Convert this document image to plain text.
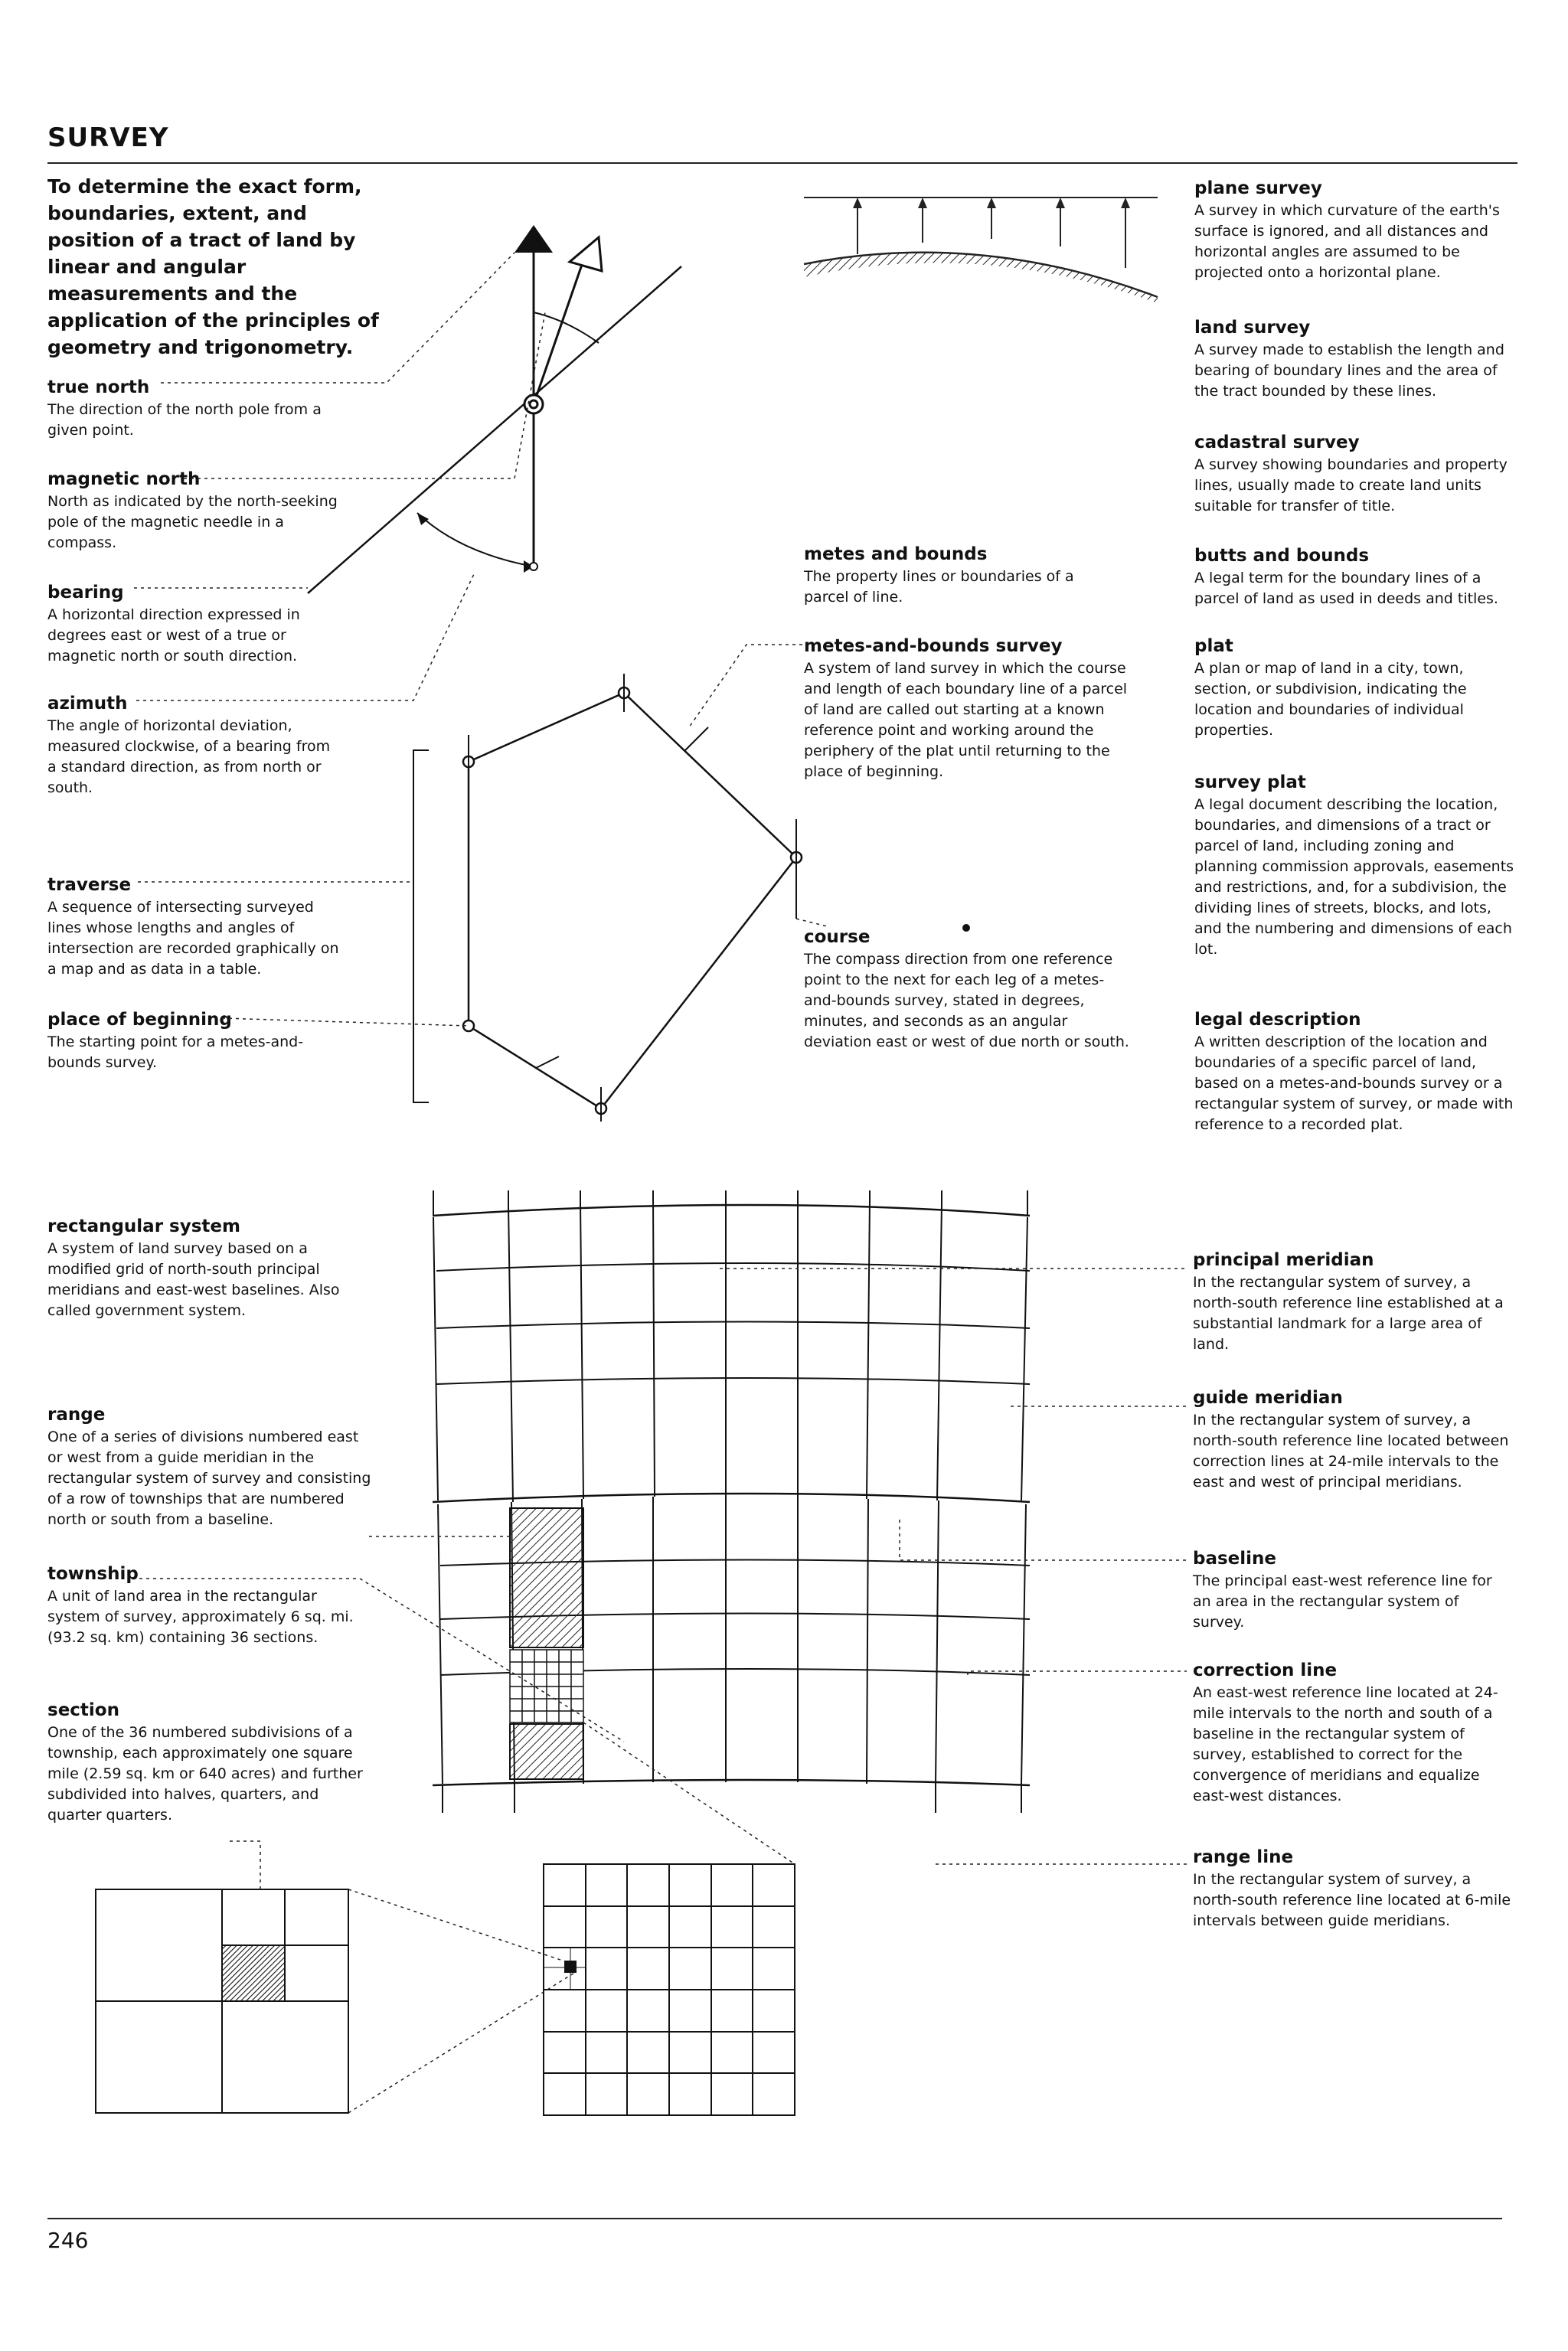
SURVEY
To determine the exact form, boundaries, extent, and position of a tract of land by linear and angular measurements and the application of the principles of geometry and trigonometry.
true north
The direction of the north pole from a given point.
magnetic north
North as indicated by the north-seeking pole of the magnetic needle in a compass.
bearing
A horizontal direction expressed in degrees east or west of a true or magnetic north or south direction.
azimuth
The angle of horizontal deviation, measured clockwise, of a bearing from a standard direction, as from north or south.
traverse
A sequence of intersecting surveyed lines whose lengths and angles of intersection are recorded graphically on a map and as data in a table.
place of beginning
The starting point for a metes-and-bounds survey.
metes and bounds
The property lines or boundaries of a parcel of line.
metes-and-bounds survey
A system of land survey in which the course and length of each boundary line of a parcel of land are called out starting at a known reference point and working around the periphery of the plat until returning to the place of beginning.
course
The compass direction from one reference point to the next for each leg of a metes-and-bounds survey, stated in degrees, minutes, and seconds as an angular deviation east or west of due north or south.
plane survey
A survey in which curvature of the earth's surface is ignored, and all distances and horizontal angles are assumed to be projected onto a horizontal plane.
land survey
A survey made to establish the length and bearing of boundary lines and the area of the tract bounded by these lines.
cadastral survey
A survey showing boundaries and property lines, usually made to create land units suitable for transfer of title.
butts and bounds
A legal term for the boundary lines of a parcel of land as used in deeds and titles.
plat
A plan or map of land in a city, town, section, or subdivision, indicating the location and boundaries of individual properties.
survey plat
A legal document describing the location, boundaries, and dimensions of a tract or parcel of land, including zoning and planning commission approvals, easements and restrictions, and, for a subdivision, the dividing lines of streets, blocks, and lots, and the numbering and dimensions of each lot.
legal description
A written description of the location and boundaries of a specific parcel of land, based on a metes-and-bounds survey or a rectangular system of survey, or made with reference to a recorded plat.
rectangular system
A system of land survey based on a modified grid of north-south principal meridians and east-west baselines. Also called government system.
range
One of a series of divisions numbered east or west from a guide meridian in the rectangular system of survey and consisting of a row of townships that are numbered north or south from a baseline.
township
A unit of land area in the rectangular system of survey, approximately 6 sq. mi. (93.2 sq. km) containing 36 sections.
section
One of the 36 numbered subdivisions of a township, each approximately one square mile (2.59 sq. km or 640 acres) and further subdivided into halves, quarters, and quarter quarters.
principal meridian
In the rectangular system of survey, a north-south reference line established at a substantial landmark for a large area of land.
guide meridian
In the rectangular system of survey, a north-south reference line located between correction lines at 24-mile intervals to the east and west of principal meridians.
baseline
The principal east-west reference line for an area in the rectangular system of survey.
correction line
An east-west reference line located at 24-mile intervals to the north and south of a baseline in the rectangular system of survey, established to correct for the convergence of meridians and equalize east-west distances.
range line
In the rectangular system of survey, a north-south reference line located at 6-mile intervals between guide meridians.
246
